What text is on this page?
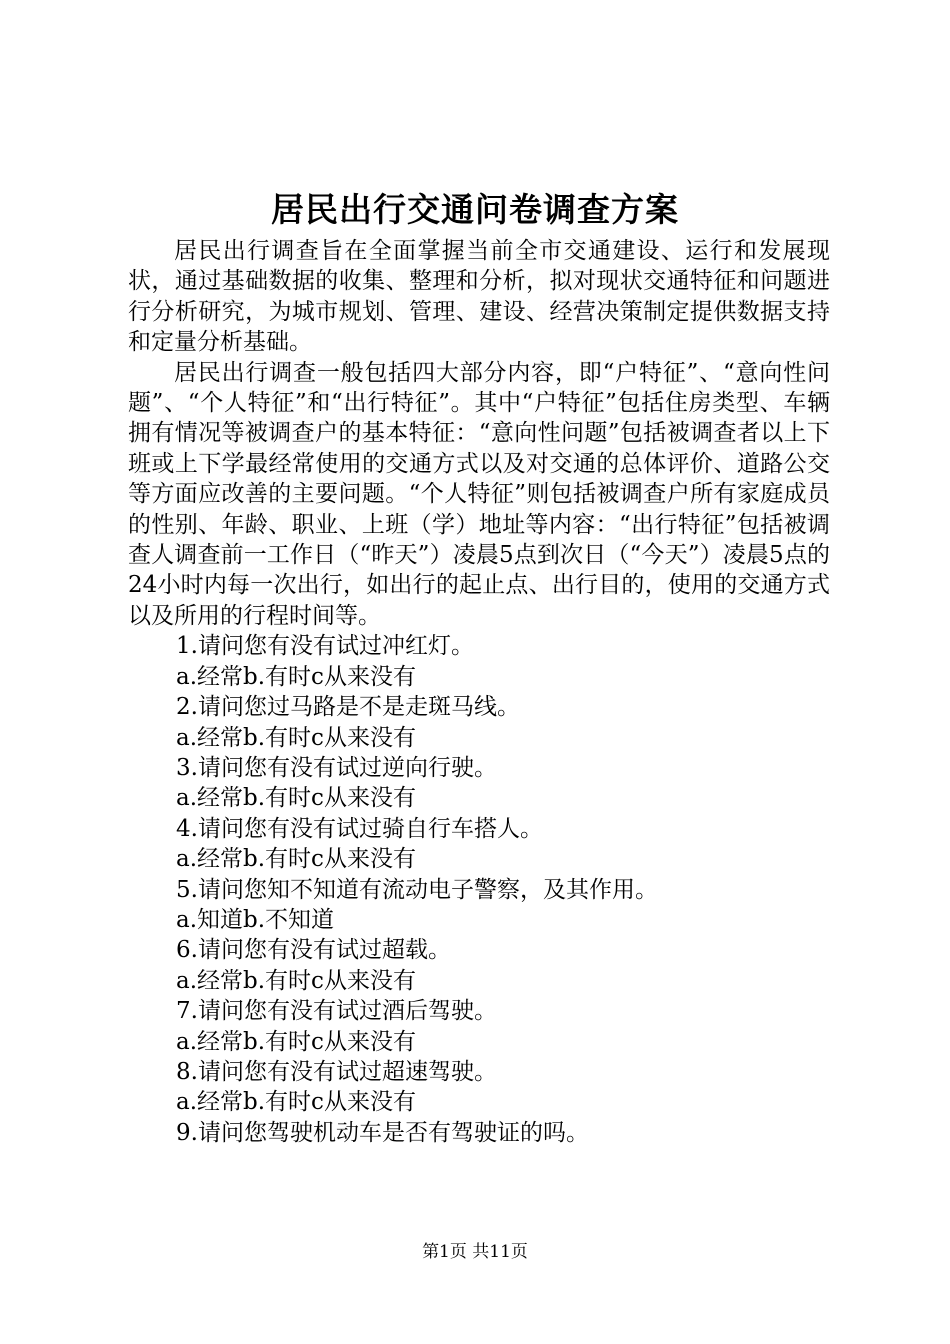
居民出行交通问卷调查方案

居民出行调查旨在全面掌握当前全市交通建设、运行和发展现状，通过基础数据的收集、整理和分析，拟对现状交通特征和问题进行分析研究，为城市规划、管理、建设、经营决策制定提供数据支持和定量分析基础。

居民出行调查一般包括四大部分内容，即“户特征”、“意向性问题”、“个人特征”和“出行特征”。其中“户特征”包括住房类型、车辆拥有情况等被调查户的基本特征：“意向性问题”包括被调查者以上下班或上下学最经常使用的交通方式以及对交通的总体评价、道路公交等方面应改善的主要问题。“个人特征”则包括被调查户所有家庭成员的性别、年龄、职业、上班（学）地址等内容：“出行特征”包括被调查人调查前一工作日（“昨天”）凌晨5点到次日（“今天”）凌晨5点的24小时内每一次出行，如出行的起止点、出行目的，使用的交通方式以及所用的行程时间等。

1.请问您有没有试过冲红灯。

a.经常b.有时c从来没有

2.请问您过马路是不是走斑马线。

a.经常b.有时c从来没有

3.请问您有没有试过逆向行驶。

a.经常b.有时c从来没有

4.请问您有没有试过骑自行车搭人。

a.经常b.有时c从来没有

5.请问您知不知道有流动电子警察，及其作用。

a.知道b.不知道

6.请问您有没有试过超载。

a.经常b.有时c从来没有

7.请问您有没有试过酒后驾驶。

a.经常b.有时c从来没有

8.请问您有没有试过超速驾驶。

a.经常b.有时c从来没有

9.请问您驾驶机动车是否有驾驶证的吗。

第1页 共11页
